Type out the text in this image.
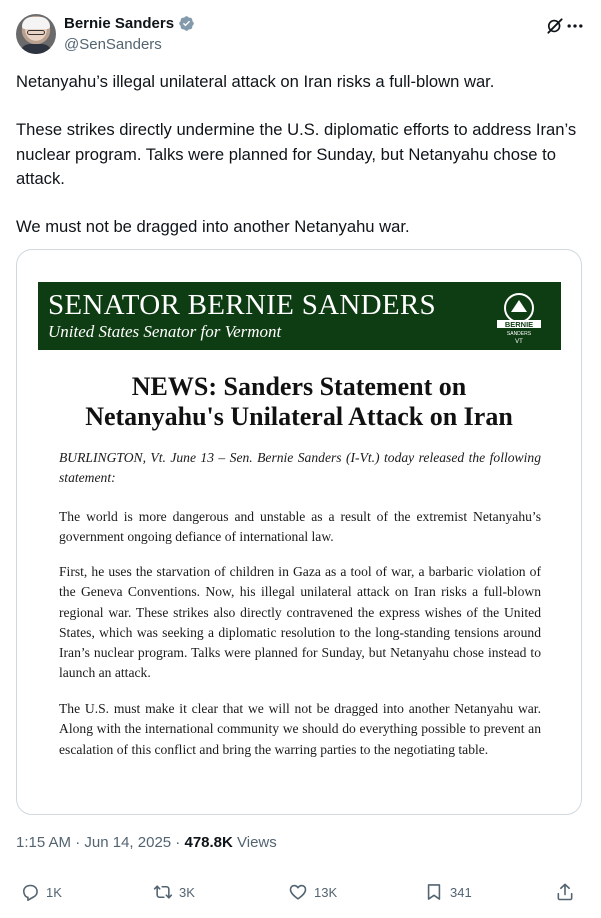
Bernie Sanders
@SenSanders

Netanyahu’s illegal unilateral attack on Iran risks a full-blown war.

These strikes directly undermine the U.S. diplomatic efforts to address Iran’s nuclear program. Talks were planned for Sunday, but Netanyahu chose to attack.

We must not be dragged into another Netanyahu war.

SENATOR BERNIE SANDERS
United States Senator for Vermont	BERNIE
SANDERS
VT
NEWS: Sanders Statement on
Netanyahu's Unilateral Attack on Iran
BURLINGTON, Vt. June 13 – Sen. Bernie Sanders (I-Vt.) today released the following statement:
The world is more dangerous and unstable as a result of the extremist Netanyahu’s government ongoing defiance of international law.
First, he uses the starvation of children in Gaza as a tool of war, a barbaric violation of the Geneva Conventions. Now, his illegal unilateral attack on Iran risks a full-blown regional war. These strikes also directly contravened the express wishes of the United States, which was seeking a diplomatic resolution to the long-standing tensions around Iran’s nuclear program. Talks were planned for Sunday, but Netanyahu chose instead to launch an attack.
The U.S. must make it clear that we will not be dragged into another Netanyahu war. Along with the international community we should do everything possible to prevent an escalation of this conflict and bring the warring parties to the negotiating table.
1:15 AM · Jun 14, 2025 · 478.8K Views
1K	3K	13K	341
